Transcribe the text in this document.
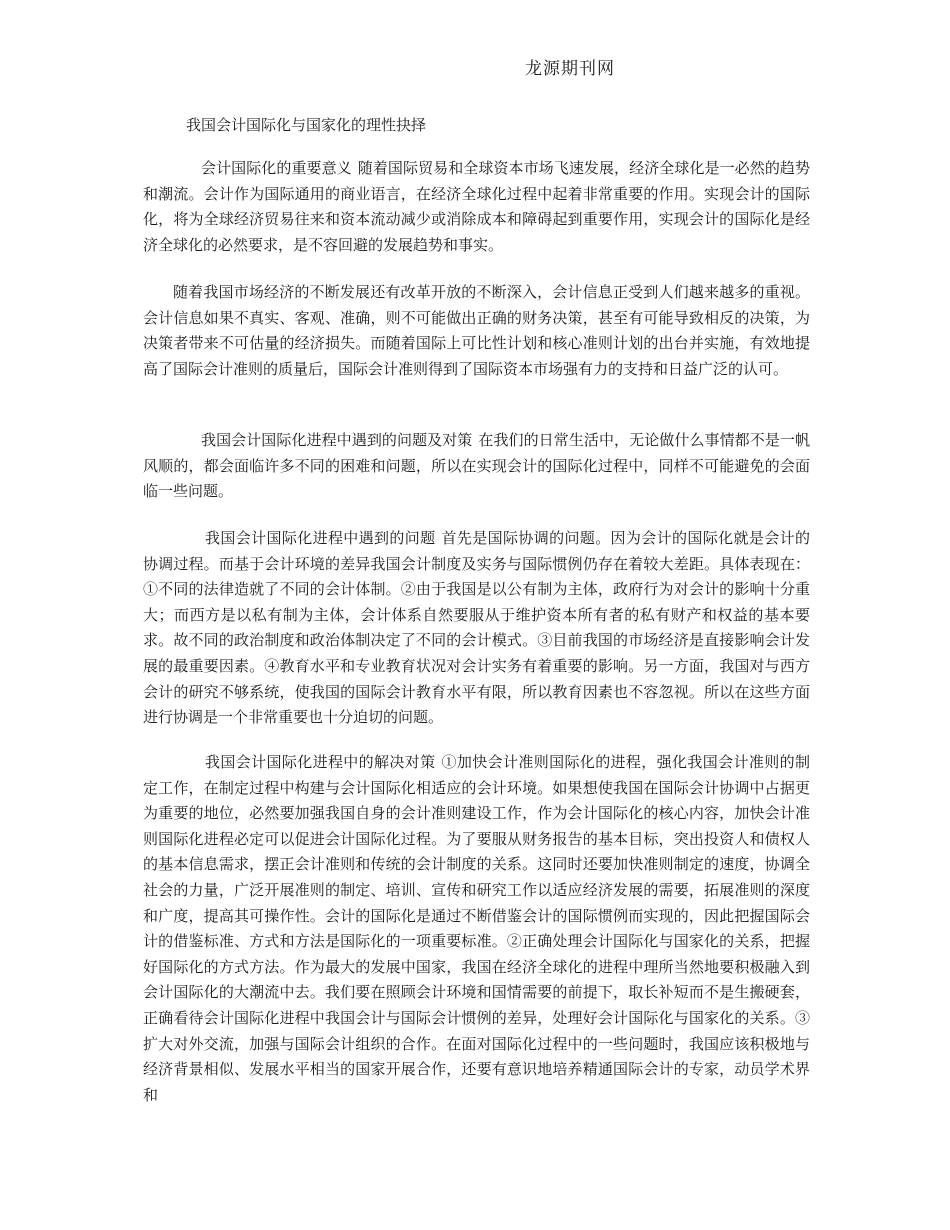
龙源期刊网
我国会计国际化与国家化的理性抉择

会计国际化的重要意义 随着国际贸易和全球资本市场飞速发展，经济全球化是一必然的趋势和潮流。会计作为国际通用的商业语言，在经济全球化过程中起着非常重要的作用。实现会计的国际化，将为全球经济贸易往来和资本流动减少或消除成本和障碍起到重要作用，实现会计的国际化是经济全球化的必然要求，是不容回避的发展趋势和事实。

随着我国市场经济的不断发展还有改革开放的不断深入，会计信息正受到人们越来越多的重视。会计信息如果不真实、客观、准确，则不可能做出正确的财务决策，甚至有可能导致相反的决策，为决策者带来不可估量的经济损失。而随着国际上可比性计划和核心准则计划的出台并实施，有效地提高了国际会计准则的质量后，国际会计准则得到了国际资本市场强有力的支持和日益广泛的认可。

我国会计国际化进程中遇到的问题及对策 在我们的日常生活中，无论做什么事情都不是一帆风顺的，都会面临许多不同的困难和问题，所以在实现会计的国际化过程中，同样不可能避免的会面临一些问题。

我国会计国际化进程中遇到的问题 首先是国际协调的问题。因为会计的国际化就是会计的协调过程。而基于会计环境的差异我国会计制度及实务与国际惯例仍存在着较大差距。具体表现在：①不同的法律造就了不同的会计体制。②由于我国是以公有制为主体，政府行为对会计的影响十分重大；而西方是以私有制为主体，会计体系自然要服从于维护资本所有者的私有财产和权益的基本要求。故不同的政治制度和政治体制决定了不同的会计模式。③目前我国的市场经济是直接影响会计发展的最重要因素。④教育水平和专业教育状况对会计实务有着重要的影响。另一方面，我国对与西方会计的研究不够系统，使我国的国际会计教育水平有限，所以教育因素也不容忽视。所以在这些方面进行协调是一个非常重要也十分迫切的问题。

我国会计国际化进程中的解决对策 ①加快会计准则国际化的进程，强化我国会计准则的制定工作，在制定过程中构建与会计国际化相适应的会计环境。如果想使我国在国际会计协调中占据更为重要的地位，必然要加强我国自身的会计准则建设工作，作为会计国际化的核心内容，加快会计准则国际化进程必定可以促进会计国际化过程。为了要服从财务报告的基本目标，突出投资人和债权人的基本信息需求，摆正会计准则和传统的会计制度的关系。这同时还要加快准则制定的速度，协调全社会的力量，广泛开展准则的制定、培训、宣传和研究工作以适应经济发展的需要，拓展准则的深度和广度，提高其可操作性。会计的国际化是通过不断借鉴会计的国际惯例而实现的，因此把握国际会计的借鉴标准、方式和方法是国际化的一项重要标准。②正确处理会计国际化与国家化的关系，把握好国际化的方式方法。作为最大的发展中国家，我国在经济全球化的进程中理所当然地要积极融入到会计国际化的大潮流中去。我们要在照顾会计环境和国情需要的前提下，取长补短而不是生搬硬套，正确看待会计国际化进程中我国会计与国际会计惯例的差异，处理好会计国际化与国家化的关系。③扩大对外交流，加强与国际会计组织的合作。在面对国际化过程中的一些问题时，我国应该积极地与经济背景相似、发展水平相当的国家开展合作，还要有意识地培养精通国际会计的专家，动员学术界和
